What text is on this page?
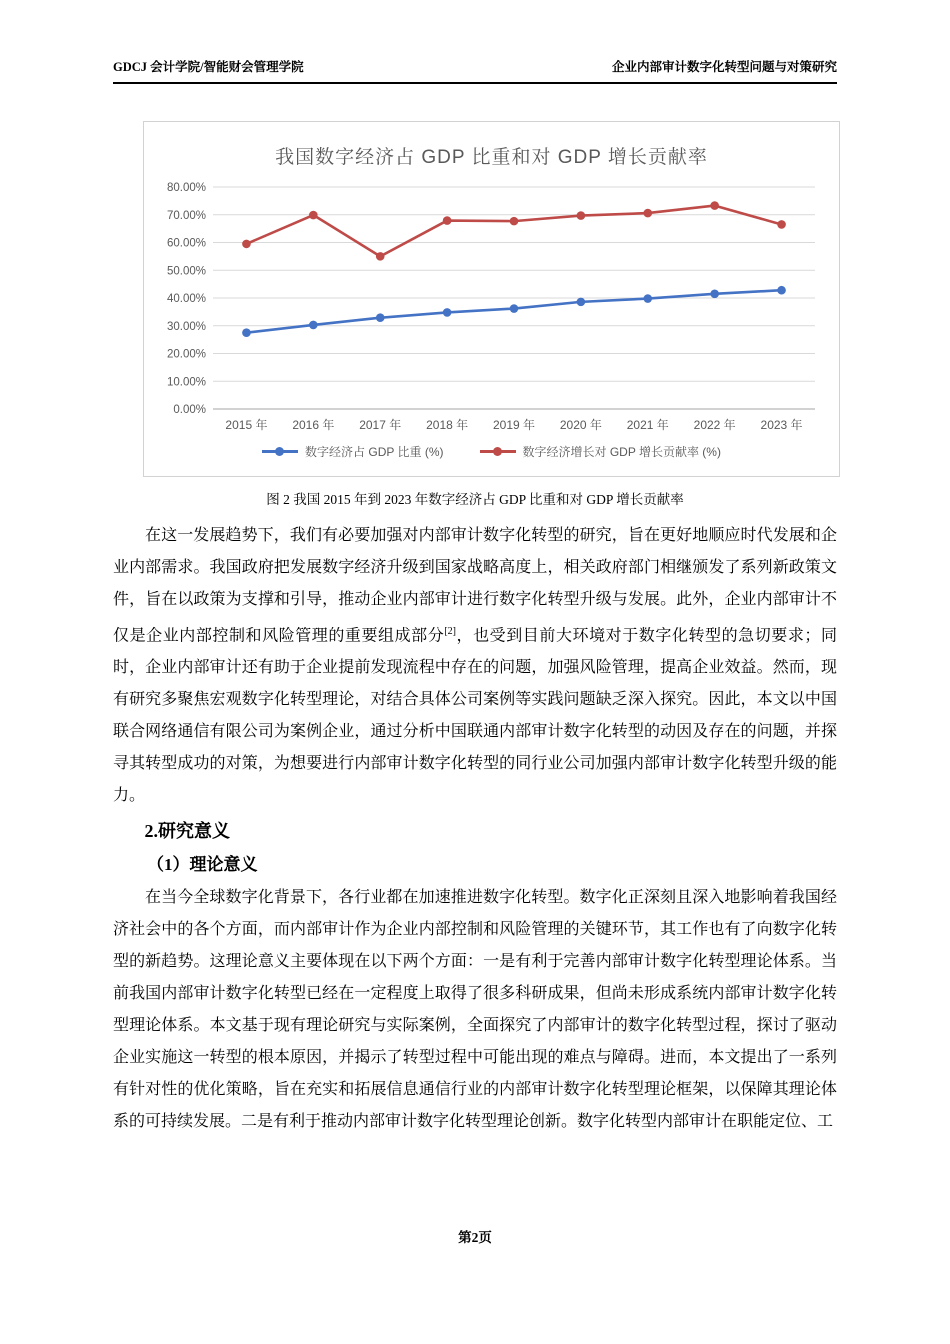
GDCJ 会计学院/智能财会管理学院	企业内部审计数字化转型问题与对策研究
我国数字经济占 GDP 比重和对 GDP 增长贡献率
0.00%
10.00%
20.00%
30.00%
40.00%
50.00%
60.00%
70.00%
80.00%
2015 年 2016 年 2017 年 2018 年 2019 年 2020 年 2021 年 2022 年 2023 年
数字经济占 GDP 比重 (%)	数字经济增长对 GDP 增长贡献率 (%)
图 2 我国 2015 年到 2023 年数字经济占 GDP 比重和对 GDP 增长贡献率

在这一发展趋势下，我们有必要加强对内部审计数字化转型的研究，旨在更好地顺应时代发展和企业内部需求。我国政府把发展数字经济升级到国家战略高度上，相关政府部门相继颁发了系列新政策文件，旨在以政策为支撑和引导，推动企业内部审计进行数字化转型升级与发展。此外，企业内部审计不仅是企业内部控制和风险管理的重要组成部分[2]，也受到目前大环境对于数字化转型的急切要求；同时，企业内部审计还有助于企业提前发现流程中存在的问题，加强风险管理，提高企业效益。然而，现有研究多聚焦宏观数字化转型理论，对结合具体公司案例等实践问题缺乏深入探究。因此，本文以中国联合网络通信有限公司为案例企业，通过分析中国联通内部审计数字化转型的动因及存在的问题，并探寻其转型成功的对策，为想要进行内部审计数字化转型的同行业公司加强内部审计数字化转型升级的能力。

2.研究意义
（1）理论意义

在当今全球数字化背景下，各行业都在加速推进数字化转型。数字化正深刻且深入地影响着我国经济社会中的各个方面，而内部审计作为企业内部控制和风险管理的关键环节，其工作也有了向数字化转型的新趋势。这理论意义主要体现在以下两个方面：一是有利于完善内部审计数字化转型理论体系。当前我国内部审计数字化转型已经在一定程度上取得了很多科研成果，但尚未形成系统内部审计数字化转型理论体系。本文基于现有理论研究与实际案例，全面探究了内部审计的数字化转型过程，探讨了驱动企业实施这一转型的根本原因，并揭示了转型过程中可能出现的难点与障碍。进而，本文提出了一系列有针对性的优化策略，旨在充实和拓展信息通信行业的内部审计数字化转型理论框架，以保障其理论体系的可持续发展。二是有利于推动内部审计数字化转型理论创新。数字化转型内部审计在职能定位、工

第2页
